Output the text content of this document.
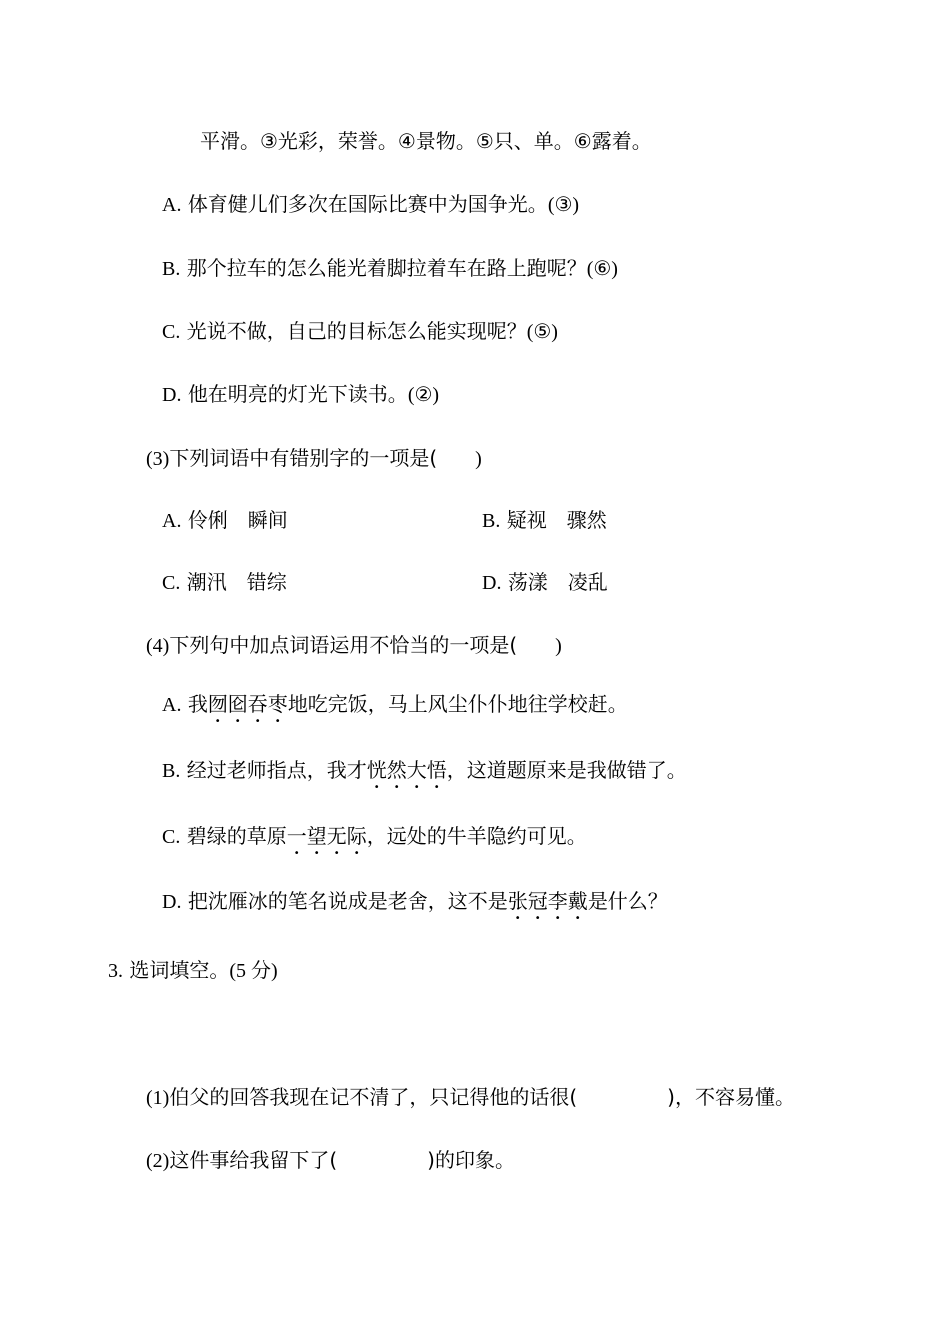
平滑。③光彩，荣誉。④景物。⑤只、单。⑥露着。
A. 体育健儿们多次在国际比赛中为国争光。(③)
B. 那个拉车的怎么能光着脚拉着车在路上跑呢？(⑥)
C. 光说不做，自己的目标怎么能实现呢？(⑤)
D. 他在明亮的灯光下读书。(②)
(3)下列词语中有错别字的一项是( )
A. 伶俐　瞬间	B. 疑视　骤然
C. 潮汛　错综	D. 荡漾　凌乱
(4)下列句中加点词语运用不恰当的一项是( )
A. 我囫囵吞枣地吃完饭，马上风尘仆仆地往学校赶。
B. 经过老师指点，我才恍然大悟，这道题原来是我做错了。
C. 碧绿的草原一望无际，远处的牛羊隐约可见。
D. 把沈雁冰的笔名说成是老舍，这不是张冠李戴是什么？
3. 选词填空。(5 分)
(1)伯父的回答我现在记不清了，只记得他的话很(	)，不容易懂。
(2)这件事给我留下了(	)的印象。
